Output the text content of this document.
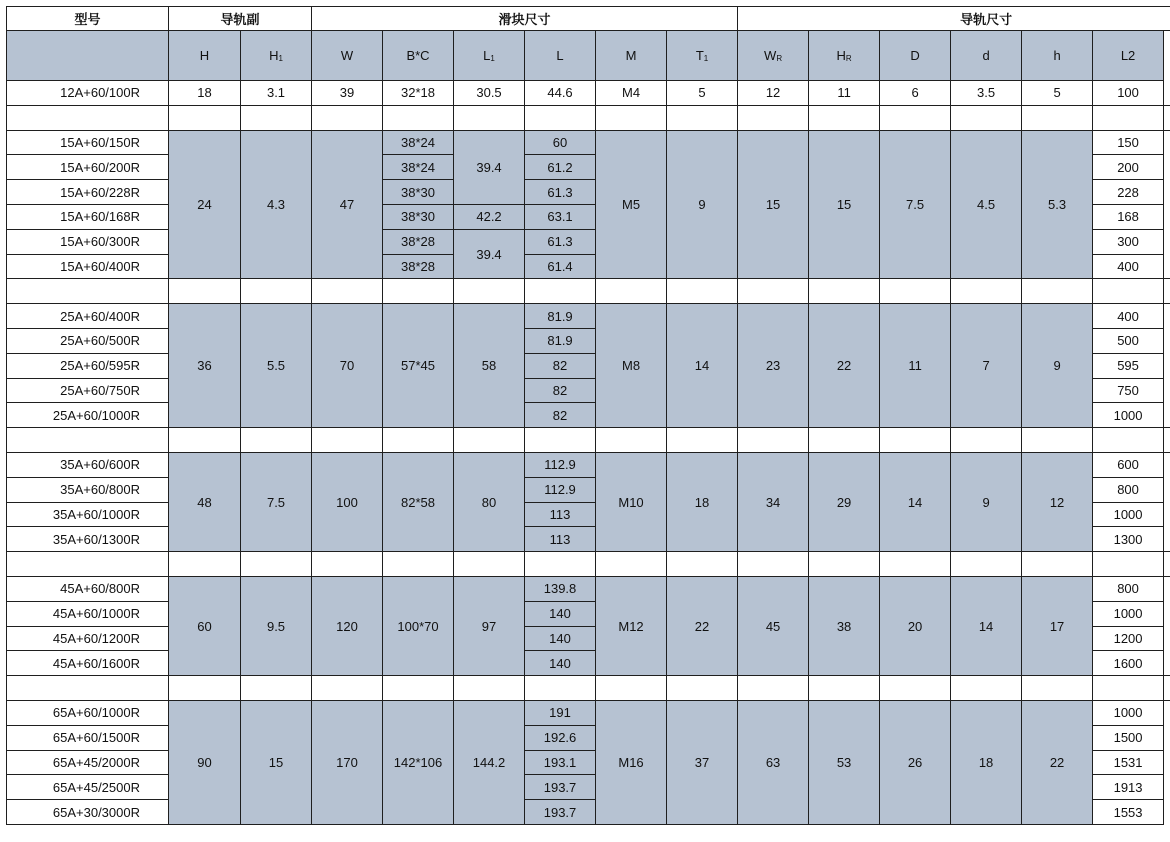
型号	导轨副		滑块尺寸						导轨尺寸						
	H	$H_1$	W	B*C	$L_1$	L	M	$T_1$	$W_R$	$H_R$	D	d	h	L2	
12A+60/100R	18	3.1	39	32*18	30.5	44.6	M4	5	12	11	6	3.5	5	100	

15A+60/150R	24	4.3	47	38*24	39.4	60	M5	9	15	15	7.5	4.5	5.3	150	
15A+60/200R				38*24		61.2								200	
15A+60/228R				38*30		61.3								228	
15A+60/168R				38*30	42.2	63.1								168	
15A+60/300R				38*28	39.4	61.3								300	
15A+60/400R				38*28		61.4								400	

25A+60/400R	36	5.5	70	57*45	58	81.9	M8	14	23	22	11	7	9	400	
25A+60/500R						81.9								500	
25A+60/595R						82								595	
25A+60/750R						82								750	
25A+60/1000R						82								1000	

35A+60/600R	48	7.5	100	82*58	80	112.9	M10	18	34	29	14	9	12	600	
35A+60/800R						112.9								800	
35A+60/1000R						113								1000	
35A+60/1300R						113								1300	

45A+60/800R	60	9.5	120	100*70	97	139.8	M12	22	45	38	20	14	17	800	
45A+60/1000R						140								1000	
45A+60/1200R						140								1200	
45A+60/1600R						140								1600	

65A+60/1000R	90	15	170	142*106	144.2	191	M16	37	63	53	26	18	22	1000	
65A+60/1500R						192.6								1500	
65A+45/2000R						193.1								1531	
65A+45/2500R						193.7								1913	
65A+30/3000R						193.7								1553	
